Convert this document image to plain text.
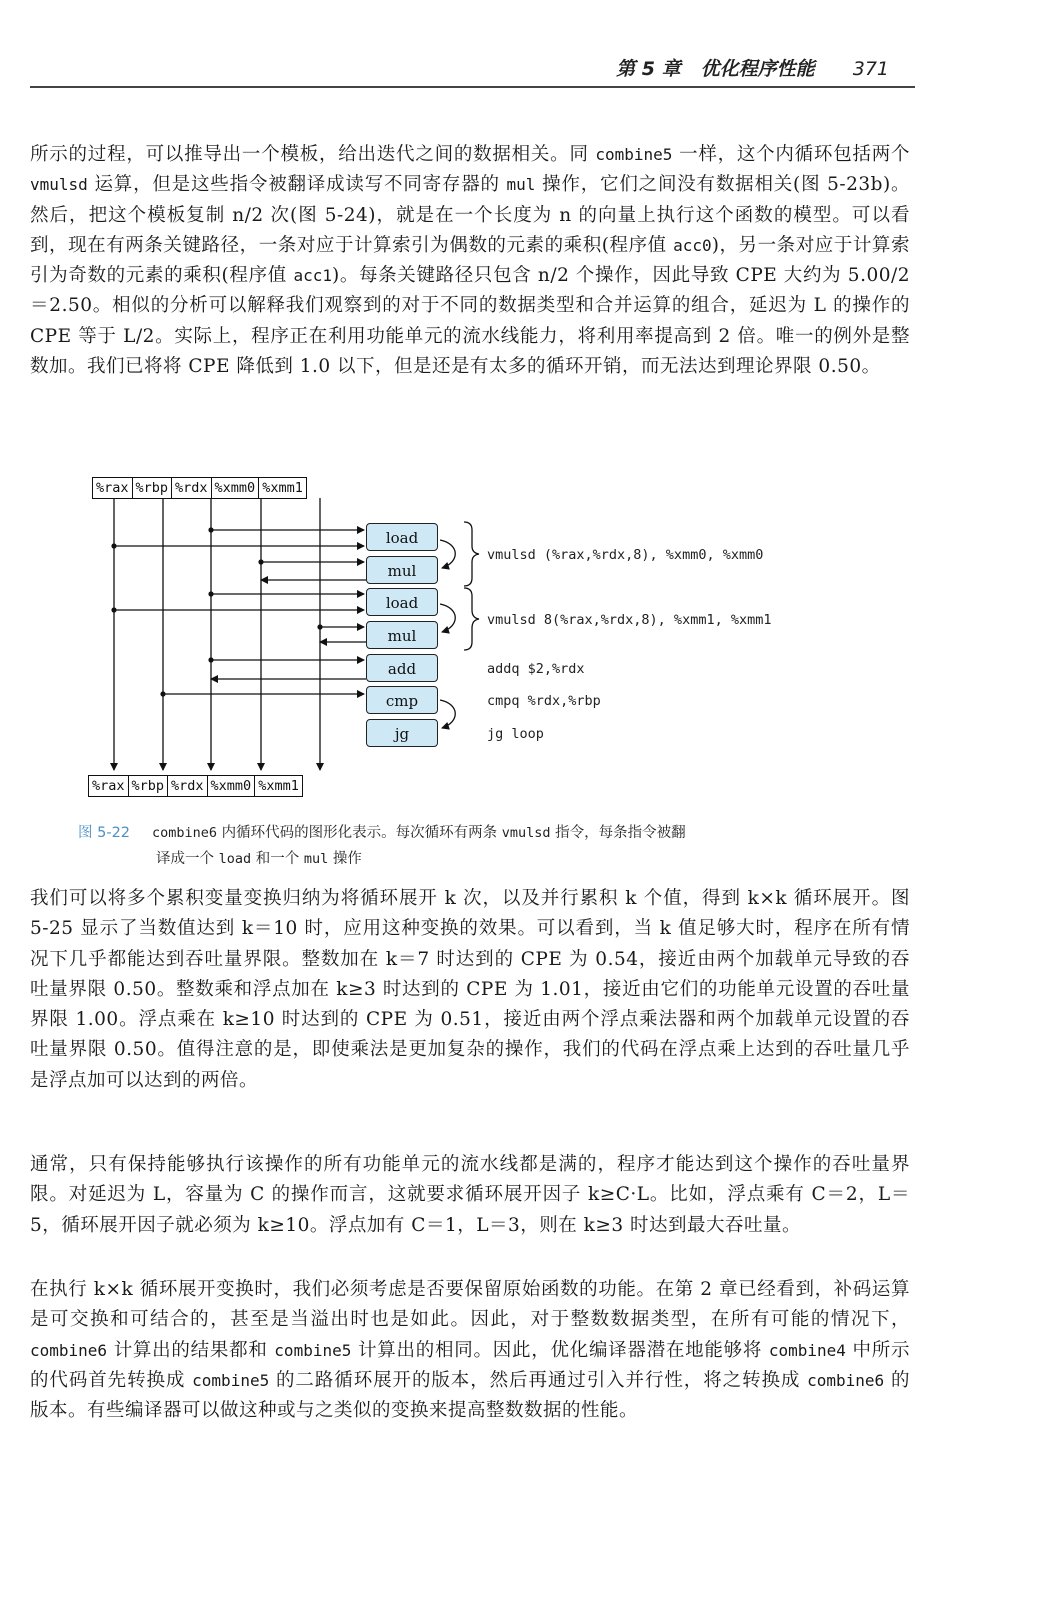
第 5 章 优化程序性能 371

所示的过程，可以推导出一个模板，给出迭代之间的数据相关。同 combine5 一样，这个内循环包括两个 vmulsd 运算，但是这些指令被翻译成读写不同寄存器的 mul 操作，它们之间没有数据相关(图 5-23b)。然后，把这个模板复制 n/2 次(图 5-24)，就是在一个长度为 n 的向量上执行这个函数的模型。可以看到，现在有两条关键路径，一条对应于计算索引为偶数的元素的乘积(程序值 acc0)，另一条对应于计算索引为奇数的元素的乘积(程序值 acc1)。每条关键路径只包含 n/2 个操作，因此导致 CPE 大约为 5.00/2＝2.50。相似的分析可以解释我们观察到的对于不同的数据类型和合并运算的组合，延迟为 L 的操作的 CPE 等于 L/2。实际上，程序正在利用功能单元的流水线能力，将利用率提高到 2 倍。唯一的例外是整数加。我们已将将 CPE 降低到 1.0 以下，但是还是有太多的循环开销，而无法达到理论界限 0.50。

%rax %rbp %rdx %xmm0 %xmm1
%rax %rbp %rdx %xmm0 %xmm1
load
mul
load
mul
add
cmp
jg
vmulsd (%rax,%rdx,8), %xmm0, %xmm0
vmulsd 8(%rax,%rdx,8), %xmm1, %xmm1
addq $2,%rdx
cmpq %rdx,%rbp
jg loop
图 5-22 combine6 内循环代码的图形化表示。每次循环有两条 vmulsd 指令，每条指令被翻
译成一个 load 和一个 mul 操作

我们可以将多个累积变量变换归纳为将循环展开 k 次，以及并行累积 k 个值，得到 k×k 循环展开。图 5-25 显示了当数值达到 k＝10 时，应用这种变换的效果。可以看到，当 k 值足够大时，程序在所有情况下几乎都能达到吞吐量界限。整数加在 k＝7 时达到的 CPE 为 0.54，接近由两个加载单元导致的吞吐量界限 0.50。整数乘和浮点加在 k≥3 时达到的 CPE 为 1.01，接近由它们的功能单元设置的吞吐量界限 1.00。浮点乘在 k≥10 时达到的 CPE 为 0.51，接近由两个浮点乘法器和两个加载单元设置的吞吐量界限 0.50。值得注意的是，即使乘法是更加复杂的操作，我们的代码在浮点乘上达到的吞吐量几乎是浮点加可以达到的两倍。

通常，只有保持能够执行该操作的所有功能单元的流水线都是满的，程序才能达到这个操作的吞吐量界限。对延迟为 L，容量为 C 的操作而言，这就要求循环展开因子 k≥C·L。比如，浮点乘有 C＝2，L＝5，循环展开因子就必须为 k≥10。浮点加有 C＝1，L＝3，则在 k≥3 时达到最大吞吐量。

在执行 k×k 循环展开变换时，我们必须考虑是否要保留原始函数的功能。在第 2 章已经看到，补码运算是可交换和可结合的，甚至是当溢出时也是如此。因此，对于整数数据类型，在所有可能的情况下，combine6 计算出的结果都和 combine5 计算出的相同。因此，优化编译器潜在地能够将 combine4 中所示的代码首先转换成 combine5 的二路循环展开的版本，然后再通过引入并行性，将之转换成 combine6 的版本。有些编译器可以做这种或与之类似的变换来提高整数数据的性能。
